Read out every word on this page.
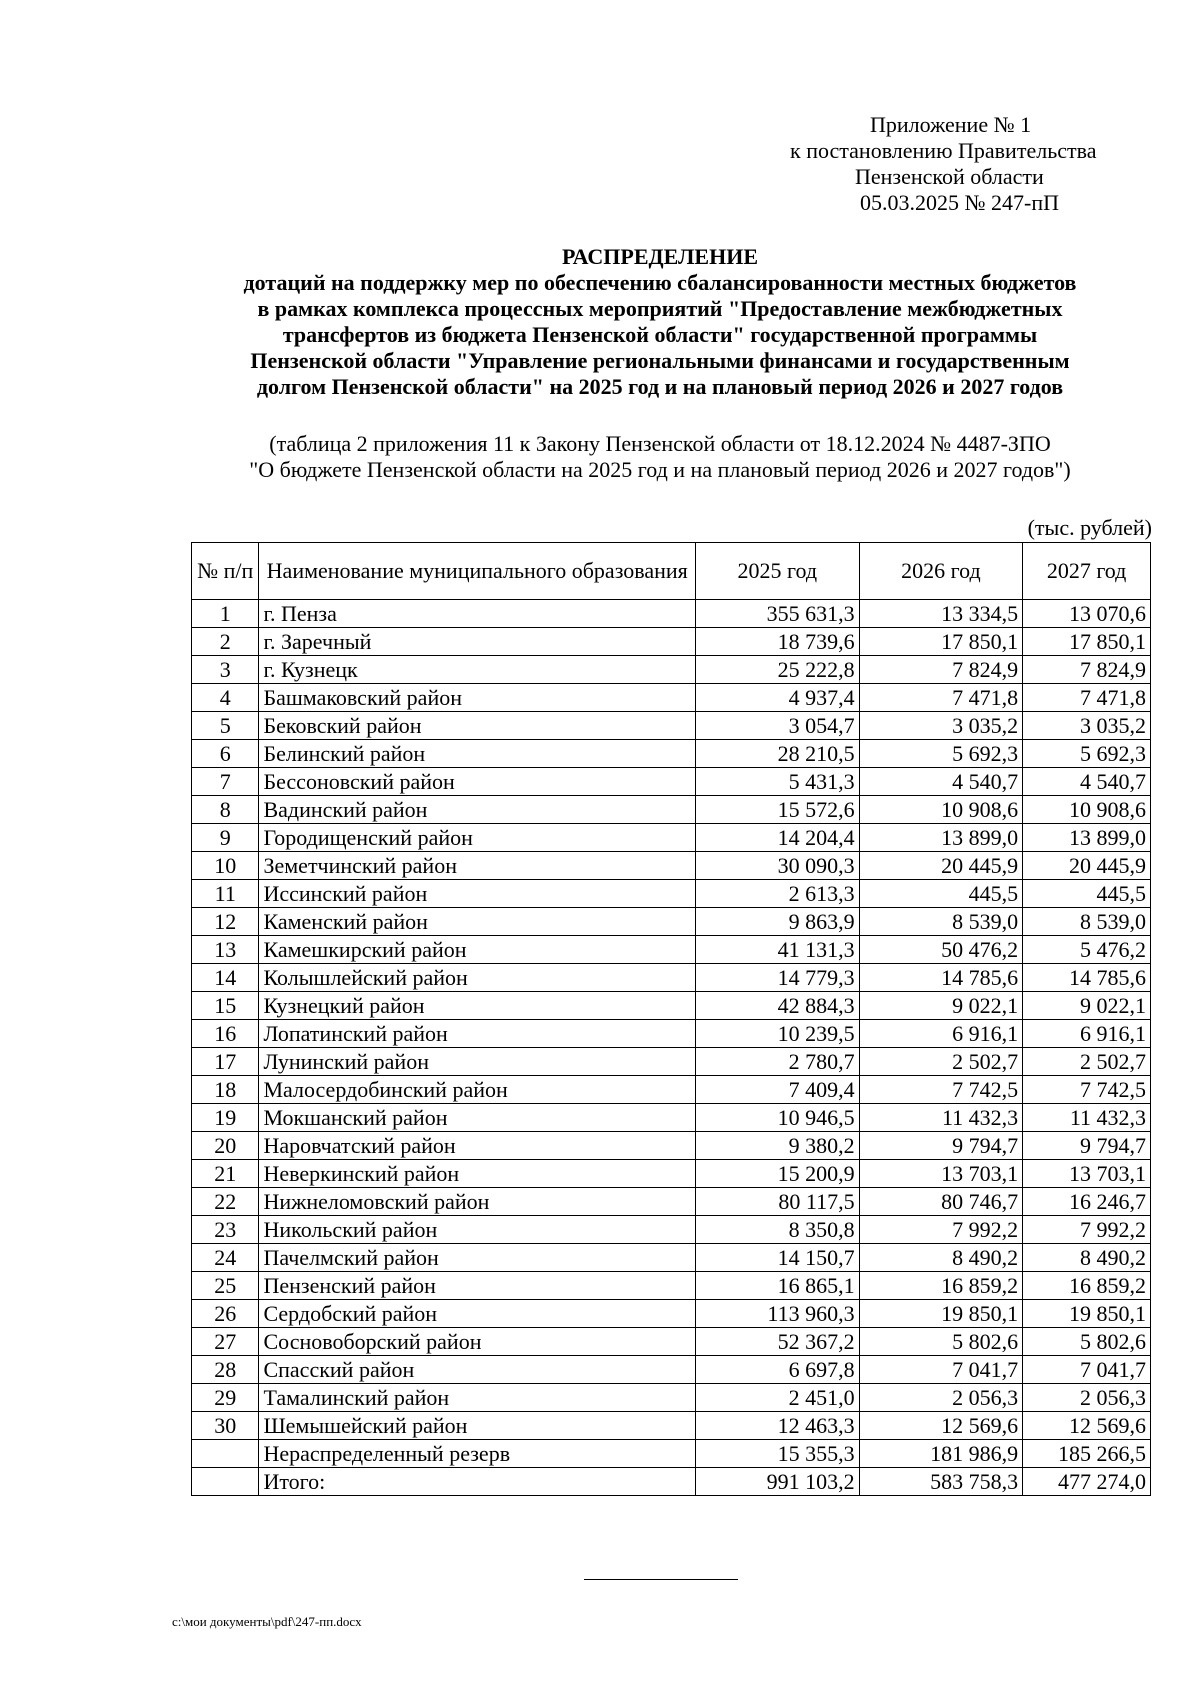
Приложение № 1
к постановлению Правительства
Пензенской области
05.03.2025 № 247-пП
РАСПРЕДЕЛЕНИЕ
дотаций на поддержку мер по обеспечению сбалансированности местных бюджетов
в рамках комплекса процессных мероприятий "Предоставление межбюджетных
трансфертов из бюджета Пензенской области" государственной программы
Пензенской области "Управление региональными финансами и государственным
долгом Пензенской области" на 2025 год и на плановый период 2026 и 2027 годов
(таблица 2 приложения 11 к Закону Пензенской области от 18.12.2024 № 4487-ЗПО
"О бюджете Пензенской области на 2025 год и на плановый период 2026 и 2027 годов")
(тыс. рублей)
№ п/п	Наименование муниципального образования	2025 год	2026 год	2027 год
1	г. Пенза	355 631,3	13 334,5	13 070,6
2	г. Заречный	18 739,6	17 850,1	17 850,1
3	г. Кузнецк	25 222,8	7 824,9	7 824,9
4	Башмаковский район	4 937,4	7 471,8	7 471,8
5	Бековский район	3 054,7	3 035,2	3 035,2
6	Белинский район	28 210,5	5 692,3	5 692,3
7	Бессоновский район	5 431,3	4 540,7	4 540,7
8	Вадинский район	15 572,6	10 908,6	10 908,6
9	Городищенский район	14 204,4	13 899,0	13 899,0
10	Земетчинский район	30 090,3	20 445,9	20 445,9
11	Иссинский район	2 613,3	445,5	445,5
12	Каменский район	9 863,9	8 539,0	8 539,0
13	Камешкирский район	41 131,3	50 476,2	5 476,2
14	Колышлейский район	14 779,3	14 785,6	14 785,6
15	Кузнецкий район	42 884,3	9 022,1	9 022,1
16	Лопатинский район	10 239,5	6 916,1	6 916,1
17	Лунинский район	2 780,7	2 502,7	2 502,7
18	Малосердобинский район	7 409,4	7 742,5	7 742,5
19	Мокшанский район	10 946,5	11 432,3	11 432,3
20	Наровчатский район	9 380,2	9 794,7	9 794,7
21	Неверкинский район	15 200,9	13 703,1	13 703,1
22	Нижнеломовский район	80 117,5	80 746,7	16 246,7
23	Никольский район	8 350,8	7 992,2	7 992,2
24	Пачелмский район	14 150,7	8 490,2	8 490,2
25	Пензенский район	16 865,1	16 859,2	16 859,2
26	Сердобский район	113 960,3	19 850,1	19 850,1
27	Сосновоборский район	52 367,2	5 802,6	5 802,6
28	Спасский район	6 697,8	7 041,7	7 041,7
29	Тамалинский район	2 451,0	2 056,3	2 056,3
30	Шемышейский район	12 463,3	12 569,6	12 569,6
	Нераспределенный резерв	15 355,3	181 986,9	185 266,5
	Итого:	991 103,2	583 758,3	477 274,0
с:\мои документы\pdf\247-пп.docx
